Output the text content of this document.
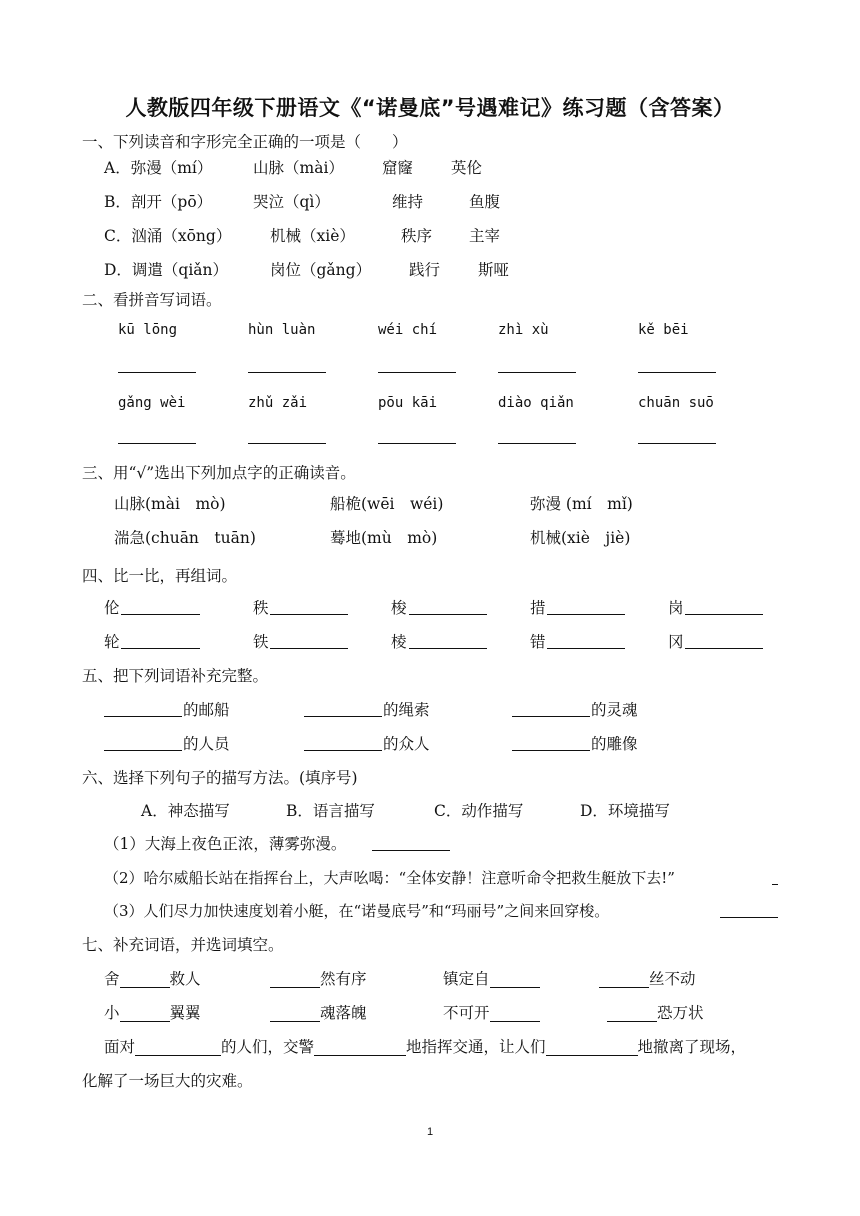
人教版四年级下册语文《“诺曼底”号遇难记》练习题（含答案）
一、下列读音和字形完全正确的一项是（　　）
A．弥漫（mí）	山脉（mài） 窟窿 英伦
B．剖开（pō）	哭泣（qì）	维持	鱼腹
C．汹涌（xōng） 机械（xiè）	秩序 主宰
D．调遣（qiǎn）	岗位（gǎng） 践行 斯哑
二、看拼音写词语。
kū lōng	hùn luàn	wéi chí	zhì xù	kě bēi
gǎng wèi	zhǔ zǎi	pōu kāi	diào qiǎn	chuān suō
三、用“√”选出下列加点字的正确读音。
山脉(mài　mò)	船桅(wēi　wéi)	弥漫 (mí　mǐ)
湍急(chuān　tuān)	蓦地(mù　mò)	机械(xiè　jiè)
四、比一比，再组词。
伦	秩	梭	措	岗
轮	铁	棱	错	冈
五、把下列词语补充完整。
的邮船	的绳索	的灵魂
的人员	的众人	的雕像
六、选择下列句子的描写方法。(填序号)
A．神态描写	B．语言描写	C．动作描写	D．环境描写
（1）大海上夜色正浓，薄雾弥漫。
（2）哈尔威船长站在指挥台上，大声吆喝：“全体安静！注意听命令把救生艇放下去!”
（3）人们尽力加快速度划着小艇，在“诺曼底号”和“玛丽号”之间来回穿梭。
七、补充词语，并选词填空。
舍	救人	然有序	镇定自	丝不动
小	翼翼	魂落魄	不可开	恐万状
面对	的人们，交警	地指挥交通，让人们	地撤离了现场，
化解了一场巨大的灾难。
1
